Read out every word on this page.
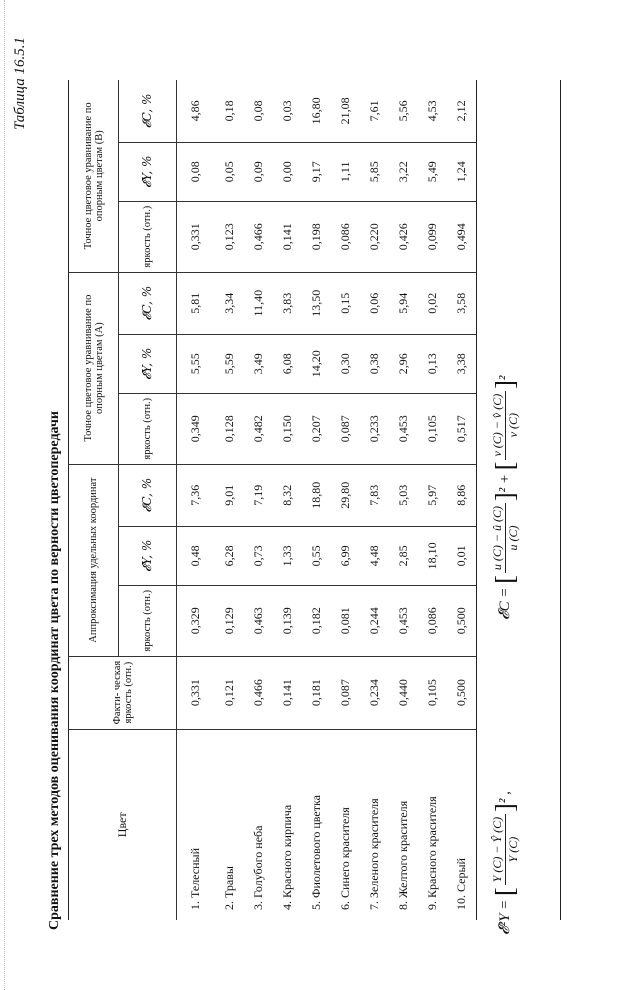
Таблица 16.5.1
Сравнение трех методов оценивания координат цвета по верности цветопередачи	Цвет	Факти- ческая яркость (отн.)	Аппроксимация удельных координат			Точное цветовое уравнивание по опорным цветам (А)			Точное цветовое уравнивание по опорным цветам (В)		
		яркость (отн.)	𝓔Y, %	𝓔C, %	яркость (отн.)	𝓔Y, %	𝓔C, %	яркость (отн.)	𝓔Y, %	𝓔C, %
1. Телесный	0,331	0,329	0,48	7,36	0,349	5,55	5,81	0,331	0,08	4,86
2. Травы	0,121	0,129	6,28	9,01	0,128	5,59	3,34	0,123	0,05	0,18
3. Голубого неба	0,466	0,463	0,73	7,19	0,482	3,49	11,40	0,466	0,09	0,08
4. Красного кирпича	0,141	0,139	1,33	8,32	0,150	6,08	3,83	0,141	0,00	0,03
5. Фиолетового цветка	0,181	0,182	0,55	18,80	0,207	14,20	13,50	0,198	9,17	16,80
6. Синего красителя	0,087	0,081	6,99	29,80	0,087	0,30	0,15	0,086	1,11	21,08
7. Зеленого красителя	0,234	0,244	4,48	7,83	0,233	0,38	0,06	0,220	5,85	7,61
8. Желтого красителя	0,440	0,453	2,85	5,03	0,453	2,96	5,94	0,426	3,22	5,56
9. Красного красителя	0,105	0,086	18,10	5,97	0,105	0,13	0,02	0,099	5,49	4,53
10. Серый	0,500	0,500	0,01	8,86	0,517	3,38	3,58	0,494	1,24	2,12
𝓔²Y = [
Y (C) − Ŷ (C) Y (C)
]² ,
𝓔C = [
u (C) − û (C) u (C)
]² + [
v (C) − v̂ (C) v (C)
]²
